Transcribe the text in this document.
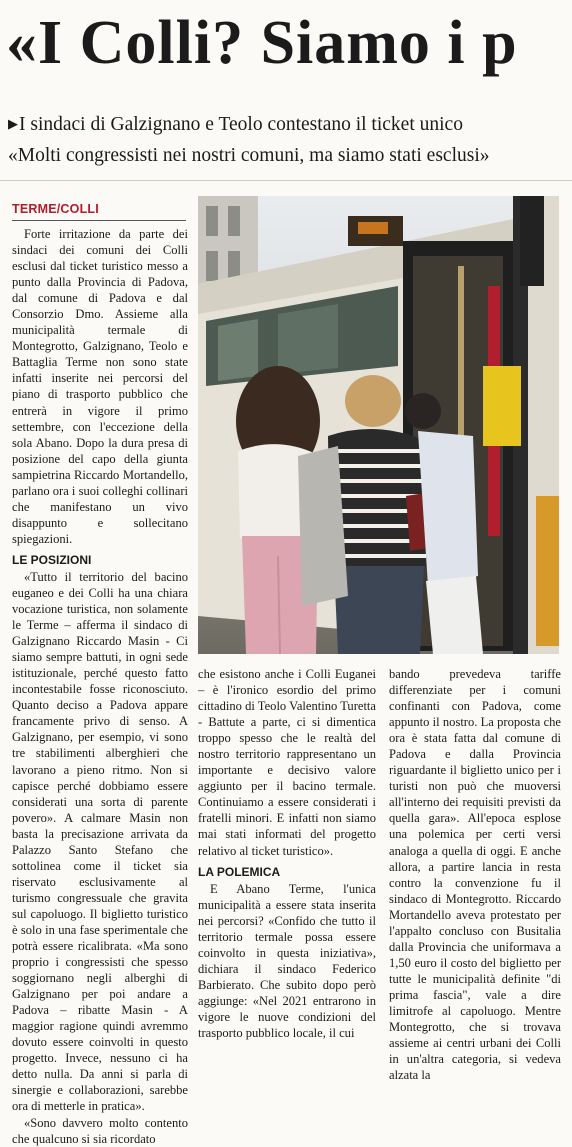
«I Colli? Siamo i p
▶I sindaci di Galzignano e Teolo contestano il ticket unico
«Molti congressisti nei nostri comuni, ma siamo stati esclusi»
TERME/COLLI

Forte irritazione da parte dei sindaci dei comuni dei Colli esclusi dal ticket turistico messo a punto dalla Provincia di Padova, dal comune di Padova e dal Consorzio Dmo. Assieme alla municipalità termale di Montegrotto, Galzignano, Teolo e Battaglia Terme non sono state infatti inserite nei percorsi del piano di trasporto pubblico che entrerà in vigore il primo settembre, con l'eccezione della sola Abano. Dopo la dura presa di posizione del capo della giunta sampietrina Riccardo Mortandello, parlano ora i suoi colleghi collinari che manifestano un vivo disappunto e sollecitano spiegazioni.

LE POSIZIONI

«Tutto il territorio del bacino euganeo e dei Colli ha una chiara vocazione turistica, non solamente le Terme – afferma il sindaco di Galzignano Riccardo Masin - Ci siamo sempre battuti, in ogni sede istituzionale, perché questo fatto incontestabile fosse riconosciuto. Quanto deciso a Padova appare francamente privo di senso. A Galzignano, per esempio, vi sono tre stabilimenti alberghieri che lavorano a pieno ritmo. Non si capisce perché dobbiamo essere considerati una sorta di parente povero». A calmare Masin non basta la precisazione arrivata da Palazzo Santo Stefano che sottolinea come il ticket sia riservato esclusivamente al turismo congressuale che gravita sul capoluogo. Il biglietto turistico è solo in una fase sperimentale che potrà essere ricalibrata. «Ma sono proprio i congressisti che spesso soggiornano negli alberghi di Galzignano per poi andare a Padova – ribatte Masin - A maggior ragione quindi avremmo dovuto essere coinvolti in questo progetto. Invece, nessuno ci ha detto nulla. Da anni si parla di sinergie e collaborazioni, sarebbe ora di metterle in pratica».

«Sono davvero molto contento che qualcuno si sia ricordato

che esistono anche i Colli Euganei – è l'ironico esordio del primo cittadino di Teolo Valentino Turetta - Battute a parte, ci si dimentica troppo spesso che le realtà del nostro territorio rappresentano un importante e decisivo valore aggiunto per il bacino termale. Continuiamo a essere considerati i fratelli minori. E infatti non siamo mai stati informati del progetto relativo al ticket turistico».

LA POLEMICA

E Abano Terme, l'unica municipalità a essere stata inserita nei percorsi? «Confido che tutto il territorio termale possa essere coinvolto in questa iniziativa», dichiara il sindaco Federico Barbierato. Che subito dopo però aggiunge: «Nel 2021 entrarono in vigore le nuove condizioni del trasporto pubblico locale, il cui

bando prevedeva tariffe differenziate per i comuni confinanti con Padova, come appunto il nostro. La proposta che ora è stata fatta dal comune di Padova e dalla Provincia riguardante il biglietto unico per i turisti non può che muoversi all'interno dei requisiti previsti da quella gara». All'epoca esplose una polemica per certi versi analoga a quella di oggi. E anche allora, a partire lancia in resta contro la convenzione fu il sindaco di Montegrotto. Riccardo Mortandello aveva protestato per l'appalto concluso con Busitalia dalla Provincia che uniformava a 1,50 euro il costo del biglietto per tutte le municipalità definite "di prima fascia", vale a dire limitrofe al capoluogo. Mentre Montegrotto, che si trovava assieme ai centri urbani dei Colli in un'altra categoria, si vedeva alzata la
